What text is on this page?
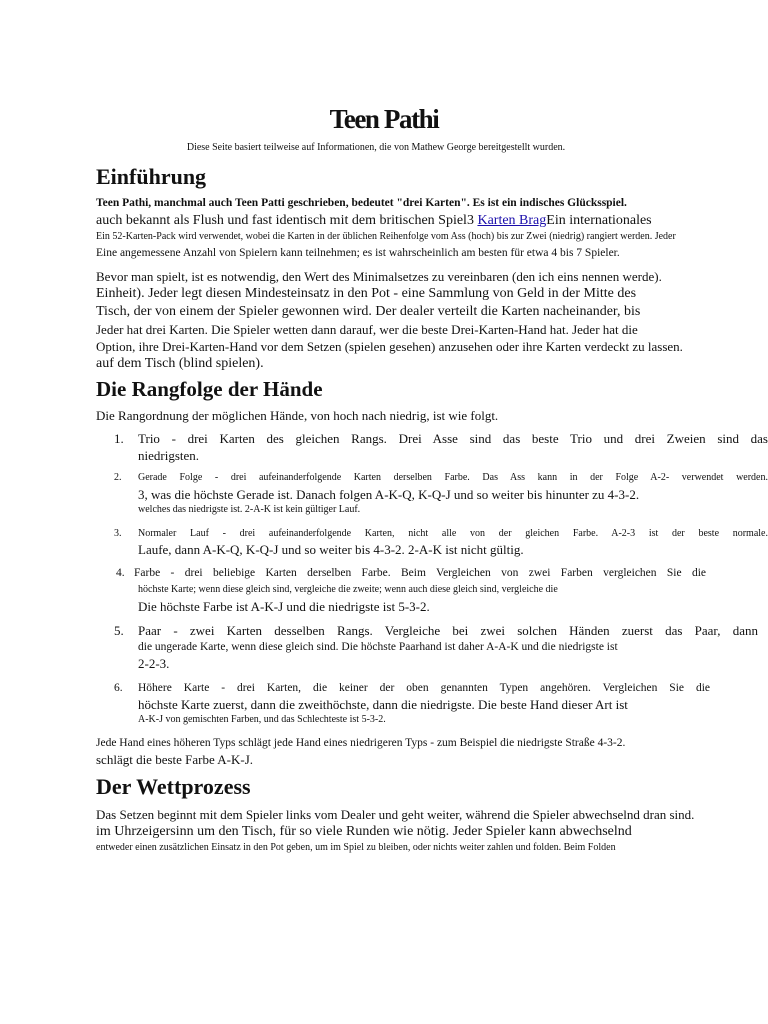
Teen Pathi

Diese Seite basiert teilweise auf Informationen, die von Mathew George bereitgestellt wurden.

Einführung

Teen Pathi, manchmal auch Teen Patti geschrieben, bedeutet "drei Karten". Es ist ein indisches Glücksspiel.

auch bekannt als Flush und fast identisch mit dem britischen Spiel3 Karten BragEin internationales

Ein 52-Karten-Pack wird verwendet, wobei die Karten in der üblichen Reihenfolge vom Ass (hoch) bis zur Zwei (niedrig) rangiert werden. Jeder

Eine angemessene Anzahl von Spielern kann teilnehmen; es ist wahrscheinlich am besten für etwa 4 bis 7 Spieler.

Bevor man spielt, ist es notwendig, den Wert des Minimalsetzes zu vereinbaren (den ich eins nennen werde).

Einheit). Jeder legt diesen Mindesteinsatz in den Pot - eine Sammlung von Geld in der Mitte des

Tisch, der von einem der Spieler gewonnen wird. Der dealer verteilt die Karten nacheinander, bis

Jeder hat drei Karten. Die Spieler wetten dann darauf, wer die beste Drei-Karten-Hand hat. Jeder hat die

Option, ihre Drei-Karten-Hand vor dem Setzen (spielen gesehen) anzusehen oder ihre Karten verdeckt zu lassen.

auf dem Tisch (blind spielen).

Die Rangfolge der Hände

Die Rangordnung der möglichen Hände, von hoch nach niedrig, ist wie folgt.

1. Trio - drei Karten des gleichen Rangs. Drei Asse sind das beste Trio und drei Zweien sind das

niedrigsten.

2. Gerade Folge - drei aufeinanderfolgende Karten derselben Farbe. Das Ass kann in der Folge A-2- verwendet werden.

3, was die höchste Gerade ist. Danach folgen A-K-Q, K-Q-J und so weiter bis hinunter zu 4-3-2.

welches das niedrigste ist. 2-A-K ist kein gültiger Lauf.

3. Normaler Lauf - drei aufeinanderfolgende Karten, nicht alle von der gleichen Farbe. A-2-3 ist der beste normale.

Laufe, dann A-K-Q, K-Q-J und so weiter bis 4-3-2. 2-A-K ist nicht gültig.

4. Farbe - drei beliebige Karten derselben Farbe. Beim Vergleichen von zwei Farben vergleichen Sie die

höchste Karte; wenn diese gleich sind, vergleiche die zweite; wenn auch diese gleich sind, vergleiche die

Die höchste Farbe ist A-K-J und die niedrigste ist 5-3-2.

5. Paar - zwei Karten desselben Rangs. Vergleiche bei zwei solchen Händen zuerst das Paar, dann

die ungerade Karte, wenn diese gleich sind. Die höchste Paarhand ist daher A-A-K und die niedrigste ist

2-2-3.

6. Höhere Karte - drei Karten, die keiner der oben genannten Typen angehören. Vergleichen Sie die

höchste Karte zuerst, dann die zweithöchste, dann die niedrigste. Die beste Hand dieser Art ist

A-K-J von gemischten Farben, und das Schlechteste ist 5-3-2.

Jede Hand eines höheren Typs schlägt jede Hand eines niedrigeren Typs - zum Beispiel die niedrigste Straße 4-3-2.

schlägt die beste Farbe A-K-J.

Der Wettprozess

Das Setzen beginnt mit dem Spieler links vom Dealer und geht weiter, während die Spieler abwechselnd dran sind.

im Uhrzeigersinn um den Tisch, für so viele Runden wie nötig. Jeder Spieler kann abwechselnd

entweder einen zusätzlichen Einsatz in den Pot geben, um im Spiel zu bleiben, oder nichts weiter zahlen und folden. Beim Folden
